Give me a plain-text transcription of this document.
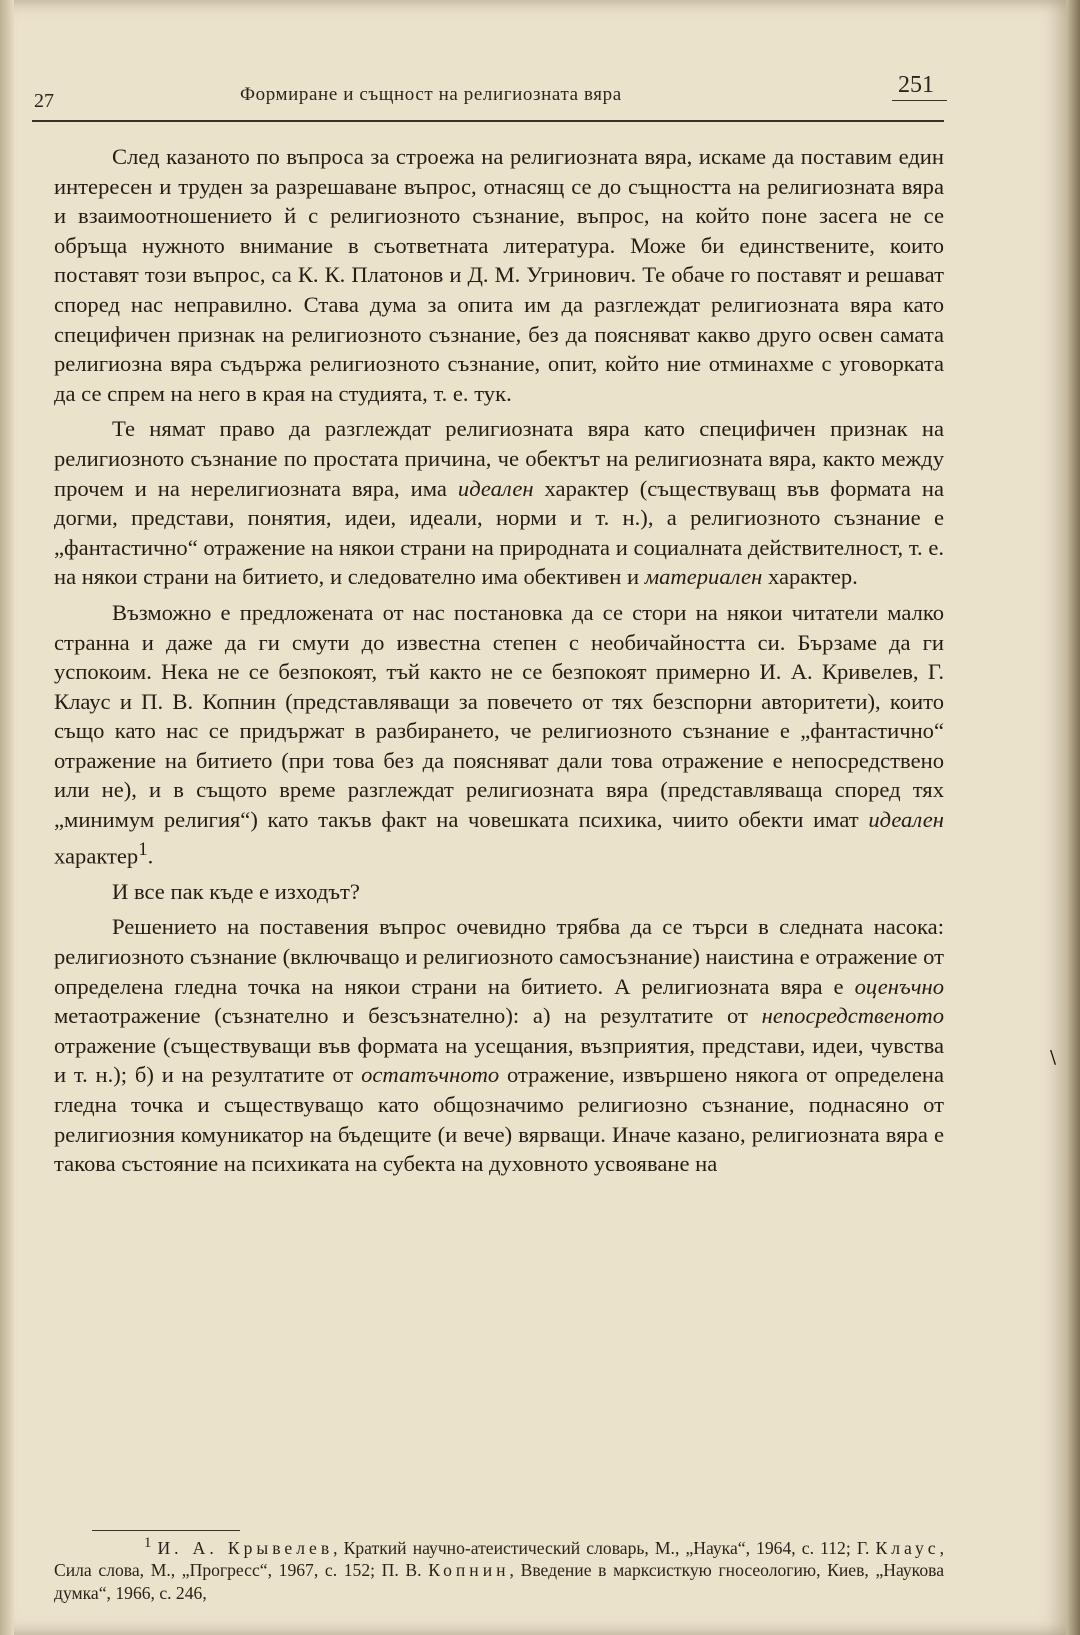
27	Формиране и същност на религиозната вяра	251

След казаното по въпроса за строежа на религиозната вяра, искаме да поставим един интересен и труден за разрешаване въпрос, отнасящ се до същността на религиозната вяра и взаимоотношението й с религиозното съзнание, въпрос, на който поне засега не се обръща нужното внимание в съответната литература. Може би единствените, които поставят този въпрос, са К. К. Платонов и Д. М. Угринович. Те обаче го поставят и решават според нас неправилно. Става дума за опита им да разглеждат религиозната вяра като специфичен признак на религиозното съзнание, без да поясняват какво друго освен самата религиозна вяра съдържа религиозното съзнание, опит, който ние отминахме с уговорката да се спрем на него в края на студията, т. е. тук.

Те нямат право да разглеждат религиозната вяра като специфичен признак на религиозното съзнание по простата причина, че обектът на религиозната вяра, както между прочем и на нерелигиозната вяра, има идеален характер (съществуващ във формата на догми, представи, понятия, идеи, идеали, норми и т. н.), а религиозното съзнание е „фантастично“ отражение на някои страни на природната и социалната действителност, т. е. на някои страни на битието, и следователно има обективен и материален характер.

Възможно е предложената от нас постановка да се стори на някои читатели малко странна и даже да ги смути до известна степен с необичайността си. Бързаме да ги успокоим. Нека не се безпокоят, тъй както не се безпокоят примерно И. А. Кривелев, Г. Клаус и П. В. Копнин (представляващи за повечето от тях безспорни авторитети), които също като нас се придържат в разбирането, че религиозното съзнание е „фантастично“ отражение на битието (при това без да поясняват дали това отражение е непосредствено или не), и в същото време разглеждат религиозната вяра (представляваща според тях „минимум религия“) като такъв факт на човешката психика, чиито обекти имат идеален характер$^1$.

И все пак къде е изходът?

Решението на поставения въпрос очевидно трябва да се търси в следната насока: религиозното съзнание (включващо и религиозното самосъзнание) наистина е отражение от определена гледна точка на някои страни на битието. А религиозната вяра е оценъчно метаотражение (съзнателно и безсъзнателно): а) на резултатите от непосредственото отражение (съществуващи във формата на усещания, възприятия, представи, идеи, чувства и т. н.); б) и на резултатите от остатъчното отражение, извършено някога от определена гледна точка и съществуващо като общозначимо религиозно съзнание, поднасяно от религиозния комуникатор на бъдещите (и вече) вярващи. Иначе казано, религиозната вяра е такова състояние на психиката на субекта на духовното усвояване на

$^1$ И. А. Крывелев, Краткий научно-атеистический словарь, М., „Наука“, 1964, с. 112; Г. Клаус, Сила слова, М., „Прогресс“, 1967, с. 152; П. В. Копнин, Введение в марксисткую гносеологию, Киев, „Наукова думка“, 1966, с. 246,

\
